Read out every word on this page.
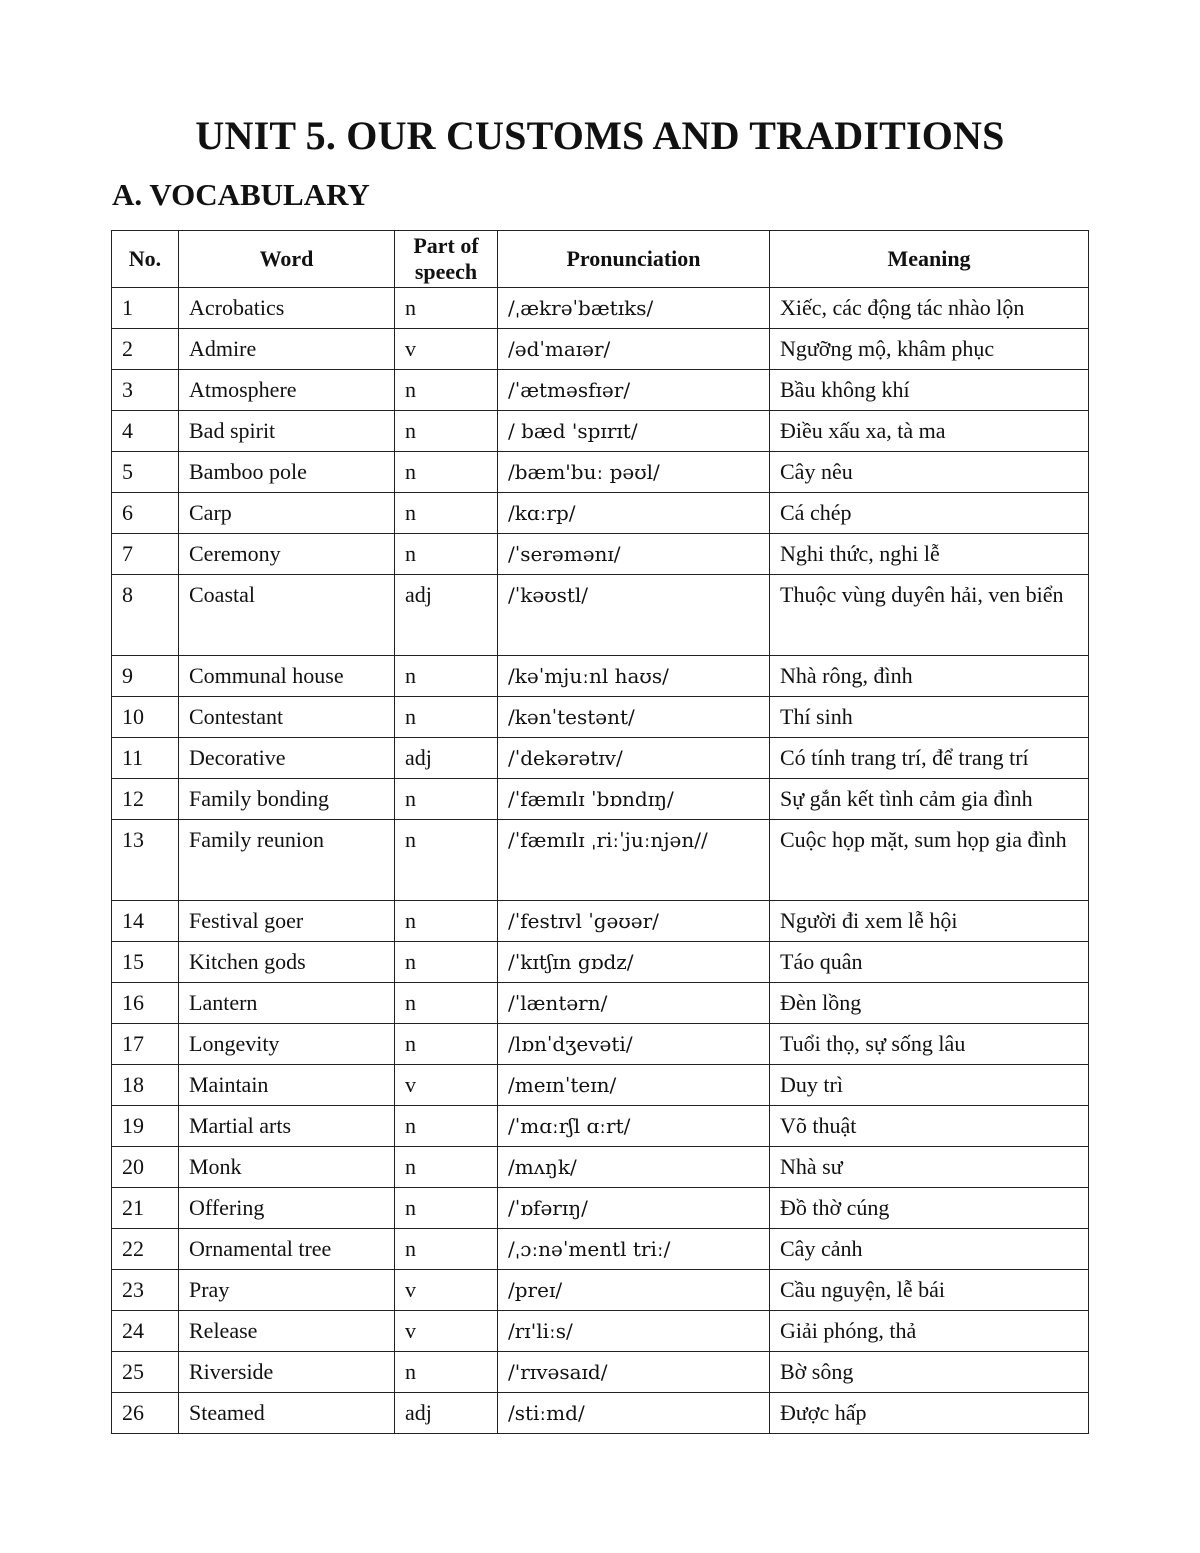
UNIT 5. OUR CUSTOMS AND TRADITIONS
A. VOCABULARY
No.	Word	Part of speech	Pronunciation	Meaning
1	Acrobatics	n	/ˌækrəˈbætɪks/	Xiếc, các động tác nhào lộn
2	Admire	v	/ədˈmaɪər/	Ngưỡng mộ, khâm phục
3	Atmosphere	n	/ˈætməsfɪər/	Bầu không khí
4	Bad spirit	n	/ bæd 'spɪrɪt/	Điều xấu xa, tà ma
5	Bamboo pole	n	/bæm'buː pəʊl/	Cây nêu
6	Carp	n	/kɑːrp/	Cá chép
7	Ceremony	n	/ˈserəmənɪ/	Nghi thức, nghi lễ
8	Coastal	adj	/ˈkəʊstl/	Thuộc vùng duyên hải, ven biển
9	Communal house	n	/kəˈmjuːnl haʊs/	Nhà rông, đình
10	Contestant	n	/kənˈtestənt/	Thí sinh
11	Decorative	adj	/ˈdekərətɪv/	Có tính trang trí, để trang trí
12	Family bonding	n	/ˈfæmɪlɪ ˈbɒndɪŋ/	Sự gắn kết tình cảm gia đình
13	Family reunion	n	/ˈfæmɪlɪ ˌriːˈjuːnjən//	Cuộc họp mặt, sum họp gia đình
14	Festival goer	n	/ˈfestɪvl ˈgəʊər/	Người đi xem lễ hội
15	Kitchen gods	n	/ˈkɪtʃɪn gɒdz/	Táo quân
16	Lantern	n	/ˈlæntərn/	Đèn lồng
17	Longevity	n	/lɒnˈdʒevəti/	Tuổi thọ, sự sống lâu
18	Maintain	v	/meɪnˈteɪn/	Duy trì
19	Martial arts	n	/ˈmɑːrʃl ɑːrt/	Võ thuật
20	Monk	n	/mʌŋk/	Nhà sư
21	Offering	n	/ˈɒfərɪŋ/	Đồ thờ cúng
22	Ornamental tree	n	/ˌɔːnəˈmentl triː/	Cây cảnh
23	Pray	v	/preɪ/	Cầu nguyện, lễ bái
24	Release	v	/rɪ'liːs/	Giải phóng, thả
25	Riverside	n	/'rɪvəsaɪd/	Bờ sông
26	Steamed	adj	/stiːmd/	Được hấp
